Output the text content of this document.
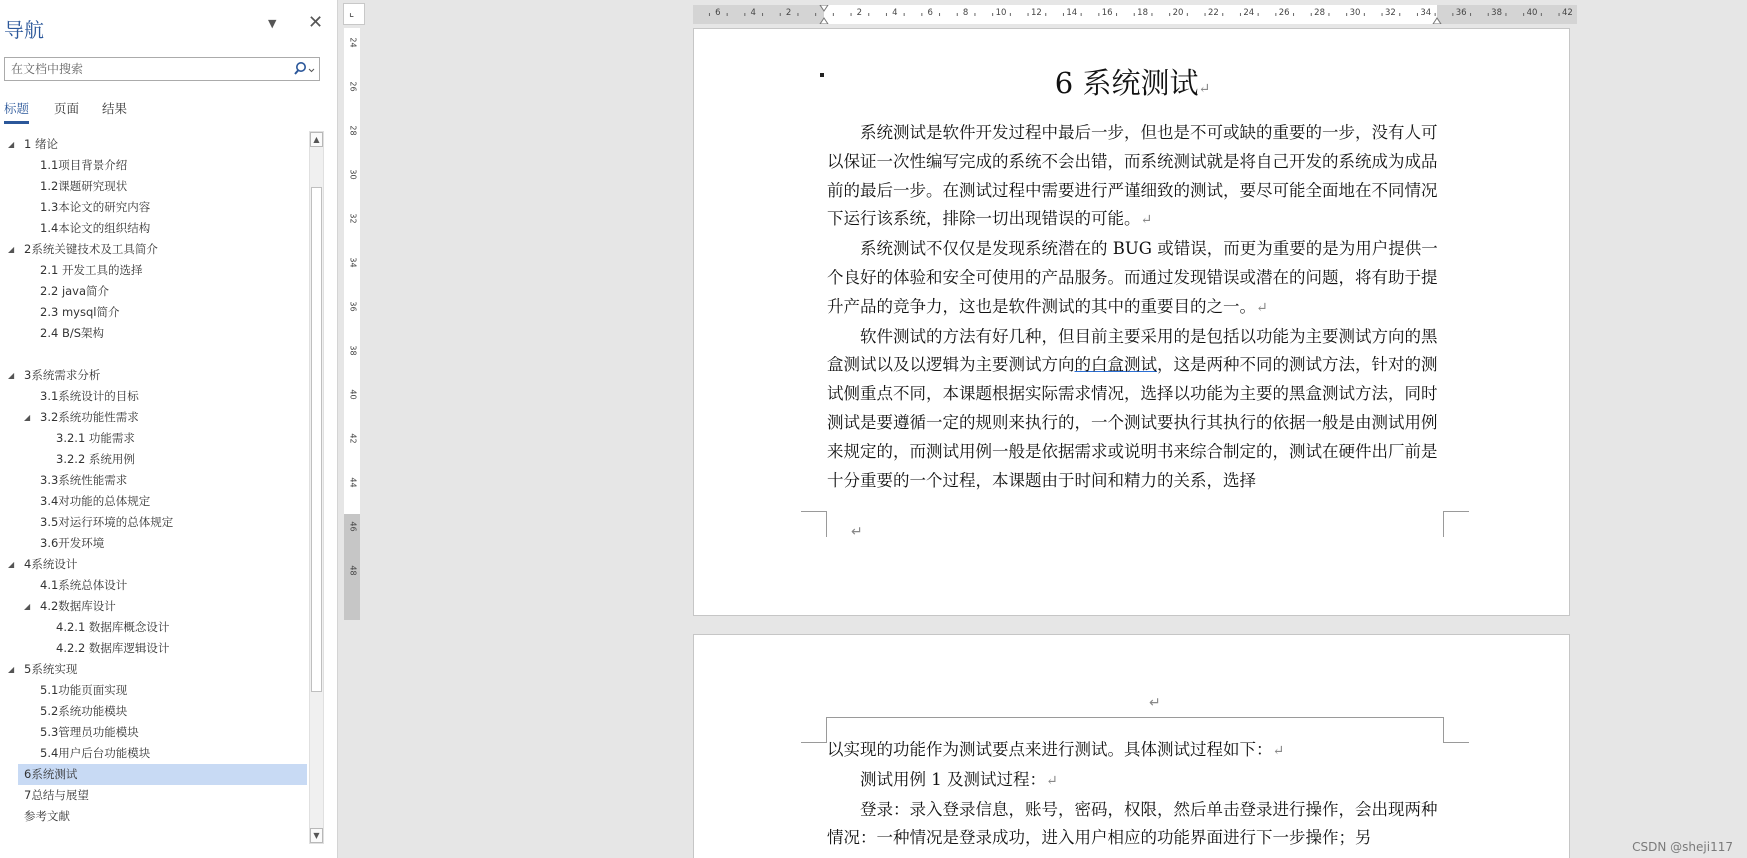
导航	▼ ✕
在文档中搜索
标题 页面 结果
◢ 1 绪论
1.1项目背景介绍
1.2课题研究现状
1.3本论文的研究内容
1.4本论文的组织结构
◢ 2系统关键技术及工具简介
2.1 开发工具的选择
2.2 java简介
2.3 mysql简介
2.4 B/S架构
◢ 3系统需求分析
3.1系统设计的目标
◢ 3.2系统功能性需求
3.2.1 功能需求
3.2.2 系统用例
3.3系统性能需求
3.4对功能的总体规定
3.5对运行环境的总体规定
3.6开发环境
◢ 4系统设计
4.1系统总体设计
◢ 4.2数据库设计
4.2.1 数据库概念设计
4.2.2 数据库逻辑设计
◢ 5系统实现
5.1功能页面实现
5.2系统功能模块
5.3管理员功能模块
5.4用户后台功能模块
6系统测试
7总结与展望
参考文献
▲
▼
⌞
24
26
28
30
32
34
36
38
40
42
44
46
48
6	4	2	2	4	6	8	10	12	14	16	18	20	22	24	26	28	30	32	34	36	38	40	42
6 系统测试↵

系统测试是软件开发过程中最后一步，但也是不可或缺的重要的一步，没有人可以保证一次性编写完成的系统不会出错，而系统测试就是将自己开发的系统成为成品前的最后一步。在测试过程中需要进行严谨细致的测试，要尽可能全面地在不同情况下运行该系统，排除一切出现错误的可能。↵

系统测试不仅仅是发现系统潜在的 BUG 或错误，而更为重要的是为用户提供一个良好的体验和安全可使用的产品服务。而通过发现错误或潜在的问题，将有助于提升产品的竞争力，这也是软件测试的其中的重要目的之一。↵

软件测试的方法有好几种，但目前主要采用的是包括以功能为主要测试方向的黑盒测试以及以逻辑为主要测试方向的白盒测试，这是两种不同的测试方法，针对的测试侧重点不同，本课题根据实际需求情况，选择以功能为主要的黑盒测试方法，同时测试是要遵循一定的规则来执行的，一个测试要执行其执行的依据一般是由测试用例来规定的，而测试用例一般是依据需求或说明书来综合制定的，测试在硬件出厂前是十分重要的一个过程，本课题由于时间和精力的关系，选择

↵
↵

以实现的功能作为测试要点来进行测试。具体测试过程如下：↵

测试用例 1 及测试过程：↵

登录：录入登录信息，账号，密码，权限，然后单击登录进行操作，会出现两种情况：一种情况是登录成功，进入用户相应的功能界面进行下一步操作；另	CSDN @sheji117
